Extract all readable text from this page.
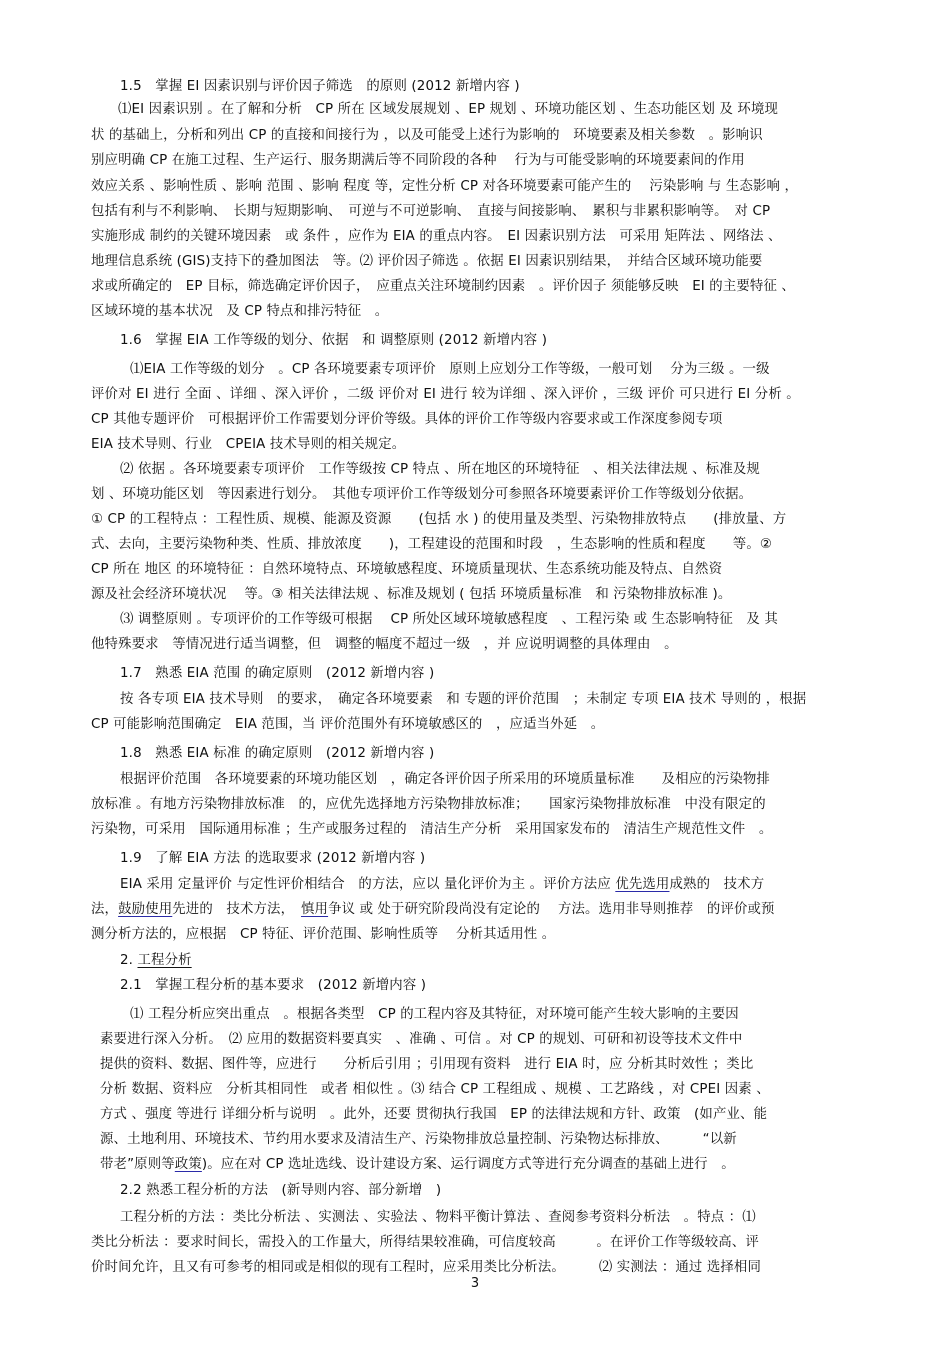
1.5　掌握 EI 因素识别与评价因子筛选　的原则 (2012 新增内容 )
⑴EI 因素识别 。在了解和分析　CP 所在 区域发展规划 、EP 规划 、环境功能区划 、生态功能区划 及 环境现
状 的基础上，分析和列出 CP 的直接和间接行为 ，以及可能受上述行为影响的　环境要素及相关参数　。影响识
别应明确 CP 在施工过程、生产运行、服务期满后等不同阶段的各种　 行为与可能受影响的环境要素间的作用
效应关系 、影响性质 、影响 范围 、影响 程度 等，定性分析 CP 对各环境要素可能产生的　 污染影响 与 生态影响 ，
包括有利与不利影响、　长期与短期影响、　可逆与不可逆影响、　直接与间接影响、　累积与非累积影响等。　对 CP
实施形成 制约的关键环境因素　或 条件 ，应作为 EIA 的重点内容。　EI 因素识别方法　可采用 矩阵法 、网络法 、
地理信息系统 (GIS)支持下的叠加图法　等。⑵ 评价因子筛选 。依据 EI 因素识别结果，　并结合区域环境功能要
求或所确定的　EP 目标，筛选确定评价因子，　应重点关注环境制约因素　。评价因子 须能够反映　EI 的主要特征 、
区域环境的基本状况　及 CP 特点和排污特征　。
1.6　掌握 EIA 工作等级的划分、依据　和 调整原则 (2012 新增内容 )
⑴EIA 工作等级的划分　。CP 各环境要素专项评价　原则上应划分工作等级，一般可划　 分为三级 。一级
评价对 EI 进行 全面 、详细 、深入评价 ，二级 评价对 EI 进行 较为详细 、深入评价 ，三级 评价 可只进行 EI 分析 。
CP 其他专题评价　可根据评价工作需要划分评价等级。具体的评价工作等级内容要求或工作深度参阅专项
EIA 技术导则、行业　CPEIA 技术导则的相关规定。
⑵ 依据 。各环境要素专项评价　工作等级按 CP 特点 、所在地区的环境特征　、相关法律法规 、标准及规
划 、环境功能区划　等因素进行划分。　其他专项评价工作等级划分可参照各环境要素评价工作等级划分依据。
① CP 的工程特点 ：工程性质、规模、能源及资源　　(包括 水 ) 的使用量及类型、污染物排放特点　　(排放量、方
式、去向，主要污染物种类、性质、排放浓度　　)，工程建设的范围和时段　，生态影响的性质和程度　　等。②
CP 所在 地区 的环境特征 ：自然环境特点、环境敏感程度、环境质量现状、生态系统功能及特点、自然资
源及社会经济环境状况　 等。③ 相关法律法规 、标准及规划 ( 包括 环境质量标准　和 污染物排放标准 )。
⑶ 调整原则 。专项评价的工作等级可根据　 CP 所处区域环境敏感程度　、工程污染 或 生态影响特征　及 其
他特殊要求　等情况进行适当调整，但　调整的幅度不超过一级　，并 应说明调整的具体理由　。
1.7　熟悉 EIA 范围 的确定原则　(2012 新增内容 )
按 各专项 EIA 技术导则　的要求，　确定各环境要素　和 专题的评价范围　；未制定 专项 EIA 技术 导则的 ，根据
CP 可能影响范围确定　EIA 范围，当 评价范围外有环境敏感区的　，应适当外延　。
1.8　熟悉 EIA 标准 的确定原则　(2012 新增内容 )
根据评价范围　各环境要素的环境功能区划　，确定各评价因子所采用的环境质量标准　　及相应的污染物排
放标准 。有地方污染物排放标准　的，应优先选择地方污染物排放标准；　　国家污染物排放标准　中没有限定的
污染物，可采用　国际通用标准 ；生产或服务过程的　清洁生产分析　采用国家发布的　清洁生产规范性文件　。
1.9　了解 EIA 方法 的选取要求 (2012 新增内容 )
EIA 采用 定量评价 与定性评价相结合　的方法，应以 量化评价为主 。评价方法应 优先选用成熟的　技术方
法，鼓励使用先进的　技术方法，　慎用争议 或 处于研究阶段尚没有定论的　 方法。选用非导则推荐　的评价或预
测分析方法的，应根据　CP 特征、评价范围、影响性质等　 分析其适用性 。
2. 工程分析
2.1　掌握工程分析的基本要求　(2012 新增内容 )
⑴ 工程分析应突出重点　。根据各类型　CP 的工程内容及其特征，对环境可能产生较大影响的主要因
素要进行深入分析。　⑵ 应用的数据资料要真实　、准确 、可信 。对 CP 的规划、可研和初设等技术文件中
提供的资料、数据、图件等，应进行　　分析后引用 ；引用现有资料　进行 EIA 时，应 分析其时效性 ；类比
分析 数据、资料应　分析其相同性　或者 相似性 。⑶ 结合 CP 工程组成 、规模 、工艺路线 ，对 CPEI 因素 、
方式 、强度 等进行 详细分析与说明　。此外，还要 贯彻执行我国　EP 的法律法规和方针、政策　(如产业、能
源、土地利用、环境技术、节约用水要求及清洁生产、污染物排放总量控制、污染物达标排放、　　　“以新
带老”原则等政策)。应在对 CP 选址选线、设计建设方案、运行调度方式等进行充分调查的基础上进行　。
2.2 熟悉工程分析的方法　(新导则内容、部分新增　)
工程分析的方法 ：类比分析法 、实测法 、实验法 、物料平衡计算法 、查阅参考资料分析法　。特点 ：⑴
类比分析法 ：要求时间长，需投入的工作量大，所得结果较准确，可信度较高　　　。在评价工作等级较高、评
价时间允许，且又有可参考的相同或是相似的现有工程时，应采用类比分析法。　　　⑵ 实测法 ：通过 选择相同
3
